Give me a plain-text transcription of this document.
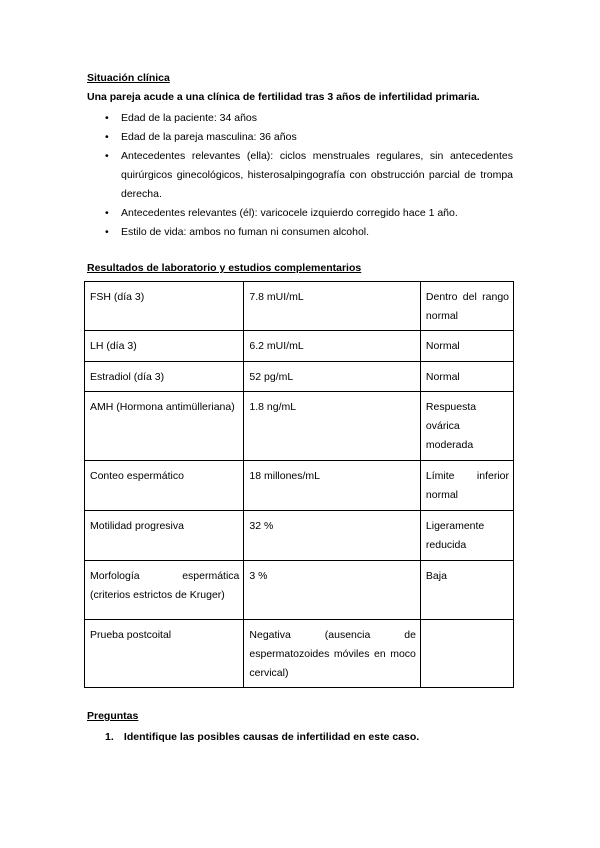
Situación clínica
Una pareja acude a una clínica de fertilidad tras 3 años de infertilidad primaria.
• Edad de la paciente: 34 años
• Edad de la pareja masculina: 36 años
• Antecedentes relevantes (ella): ciclos menstruales regulares, sin antecedentes quirúrgicos ginecológicos, histerosalpingografía con obstrucción parcial de trompa derecha.
• Antecedentes relevantes (él): varicocele izquierdo corregido hace 1 año.
• Estilo de vida: ambos no fuman ni consumen alcohol.
Resultados de laboratorio y estudios complementarios
FSH (día 3)	7.8 mUI/mL	Dentro del rango normal
LH (día 3)	6.2 mUI/mL	Normal
Estradiol (día 3)	52 pg/mL	Normal
AMH (Hormona antimülleriana)	1.8 ng/mL	Respuesta ovárica moderada
Conteo espermático	18 millones/mL	Límite inferior normal
Motilidad progresiva	32 %	Ligeramente reducida
Morfología espermática (criterios estrictos de Kruger)	3 %	Baja
Prueba postcoital	Negativa (ausencia de espermatozoides móviles en moco cervical)	
Preguntas
1. Identifique las posibles causas de infertilidad en este caso.
